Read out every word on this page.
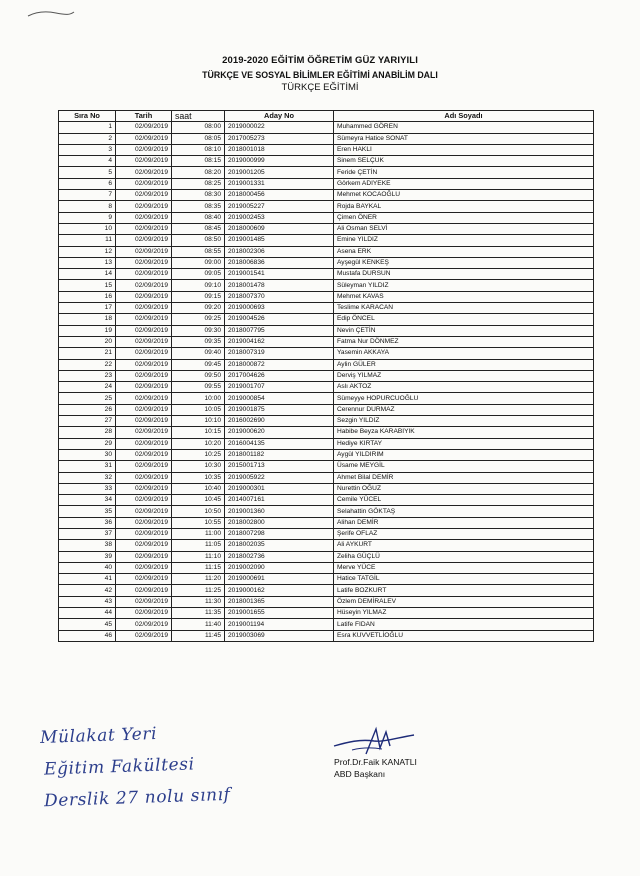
2019-2020 EĞİTİM ÖĞRETİM GÜZ YARIYILI
TÜRKÇE VE SOSYAL BİLİMLER EĞİTİMİ ANABİLİM DALI
TÜRKÇE EĞİTİMİ
Sıra No	Tarih	saat	Aday No	Adı Soyadı
1	02/09/2019	08:00	2019000022	Muhammed GÖREN
2	02/09/2019	08:05	2017005273	Sümeyra Hatice SONAT
3	02/09/2019	08:10	2018001018	Eren HAKLI
4	02/09/2019	08:15	2019000999	Sinem SELÇUK
5	02/09/2019	08:20	2019001205	Feride ÇETİN
6	02/09/2019	08:25	2019001331	Görkem ADIYEKE
7	02/09/2019	08:30	2018000456	Mehmet KOCAOĞLU
8	02/09/2019	08:35	2019005227	Rojda BAYKAL
9	02/09/2019	08:40	2019002453	Çimen ÖNER
10	02/09/2019	08:45	2018000609	Ali Osman SELVİ
11	02/09/2019	08:50	2019001485	Emine YILDIZ
12	02/09/2019	08:55	2018002306	Asena ERK
13	02/09/2019	09:00	2018006836	Ayşegül KENKEŞ
14	02/09/2019	09:05	2019001541	Mustafa DURSUN
15	02/09/2019	09:10	2018001478	Süleyman YILDIZ
16	02/09/2019	09:15	2018007370	Mehmet KAVAS
17	02/09/2019	09:20	2019000693	Teslime KARACAN
18	02/09/2019	09:25	2019004526	Edip ÖNCEL
19	02/09/2019	09:30	2018007795	Nevin ÇETİN
20	02/09/2019	09:35	2019004162	Fatma Nur DÖNMEZ
21	02/09/2019	09:40	2018007319	Yasemin AKKAYA
22	02/09/2019	09:45	2018000872	Aylin GÜLER
23	02/09/2019	09:50	2017004626	Derviş YILMAZ
24	02/09/2019	09:55	2019001707	Aslı AKTOZ
25	02/09/2019	10:00	2019000854	Sümeyye HOPURCUOĞLU
26	02/09/2019	10:05	2019001875	Cerennur DURMAZ
27	02/09/2019	10:10	2016002690	Sezgin YILDIZ
28	02/09/2019	10:15	2019000620	Habibe Beyza KARABIYIK
29	02/09/2019	10:20	2016004135	Hediye KIRTAY
30	02/09/2019	10:25	2018001182	Aygül YILDIRIM
31	02/09/2019	10:30	2015001713	Üsame MEYGİL
32	02/09/2019	10:35	2019005922	Ahmet Bilal DEMİR
33	02/09/2019	10:40	2019000301	Nurettin OĞUZ
34	02/09/2019	10:45	2014007161	Cemile YÜCEL
35	02/09/2019	10:50	2019001360	Selahattin GÖKTAŞ
36	02/09/2019	10:55	2018002800	Alihan DEMİR
37	02/09/2019	11:00	2018007298	Şerife OFLAZ
38	02/09/2019	11:05	2018002035	Ali AYKURT
39	02/09/2019	11:10	2018002736	Zeliha GÜÇLÜ
40	02/09/2019	11:15	2019002090	Merve YÜCE
41	02/09/2019	11:20	2019000691	Hatice TATGİL
42	02/09/2019	11:25	2019000162	Latife BOZKURT
43	02/09/2019	11:30	2018001365	Özlem DEMİRALEV
44	02/09/2019	11:35	2019001655	Hüseyin YILMAZ
45	02/09/2019	11:40	2019001194	Latife FIDAN
46	02/09/2019	11:45	2019003069	Esra KUVVETLİOĞLU
Mülakat Yeri
Eğitim Fakültesi
Derslik 27 nolu sınıf
Prof.Dr.Faik KANATLI
ABD Başkanı
